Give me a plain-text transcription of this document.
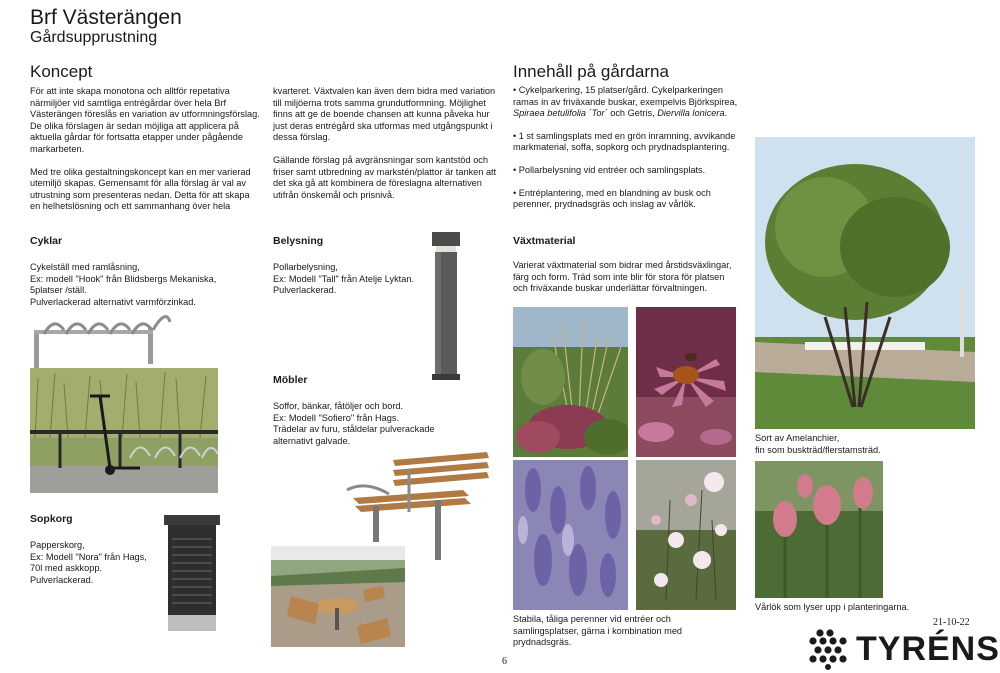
Brf Västerängen
Gårdsupprustning
Koncept

För att inte skapa monotona och alltför repetativa närmiljöer vid samtliga entrégårdar över hela Brf Västerängen föreslås en variation av utformningsförslag. De olika förslagen är sedan möjliga att applicera på aktuella gårdar för fortsatta etapper under pågående markarbeten.

Med tre olika gestaltningskoncept kan en mer varierad utemiljö skapas. Gemensamt för alla förslag är val av utrustning som presenteras nedan. Detta för att skapa en helhetslösning och ett sammanhang över hela

kvarteret. Växtvalen kan även dem bidra med variation till miljöerna trots samma grundutformning. Möjlighet finns att ge de boende chansen att kunna påveka hur just deras entrégård ska utformas med utgångspunkt i dessa förslag.

Gällande förslag på avgränsningar som kantstöd och friser samt utbredning av markstén/plattor är tanken att det ska gå att kombinera de föreslagna alternativen utifrån önskemål och prisnivå.

Cyklar
Cykelställ med ramlåsning,
Ex: modell "Hook" från Blidsbergs Mekaniska,
5platser /ställ.
Pulverlackerad alternativt varmförzinkad.
Sopkorg
Papperskorg,
Ex: Modell "Nora" från Hags,
70l med askkopp.
Pulverlackerad.
Belysning
Pollarbelysning,
Ex: Modell "Tall" från Atelje Lyktan.
Pulverlackerad.
Möbler
Soffor, bänkar, fåtöljer och bord.
Ex: Modell "Sofiero" från Hags.
Trädelar av furu, ståldelar pulverackade
alternativt galvade.
Innehåll på gårdarna

• Cykelparkering, 15 platser/gård. Cykelparkeringen ramas in av friväxande buskar, exempelvis Björkspirea, Spiraea betulifolia ´Tor´ och Getris, Diervilla lonicera.

• 1 st samlingsplats med en grön inramning, avvikande markmaterial, soffa, sopkorg och prydnadsplantering.

• Pollarbelysning vid entréer och samlingsplats.

• Entréplantering, med en blandning av busk och perenner, prydnadsgräs och inslag av vårlök.

Växtmaterial
Varierat växtmaterial som bidrar med årstidsväxlingar, färg och form. Träd som inte blir för stora för platsen och friväxande buskar underlättar förvaltningen.
Stabila, tåliga perenner vid entréer och
samlingsplatser, gärna i kombination med
prydnadsgräs.
Sort av Amelanchier,
fin som buskträd/flerstamsträd.
Vårlök som lyser upp i planteringarna.
6
21-10-22
TYRÉNS
